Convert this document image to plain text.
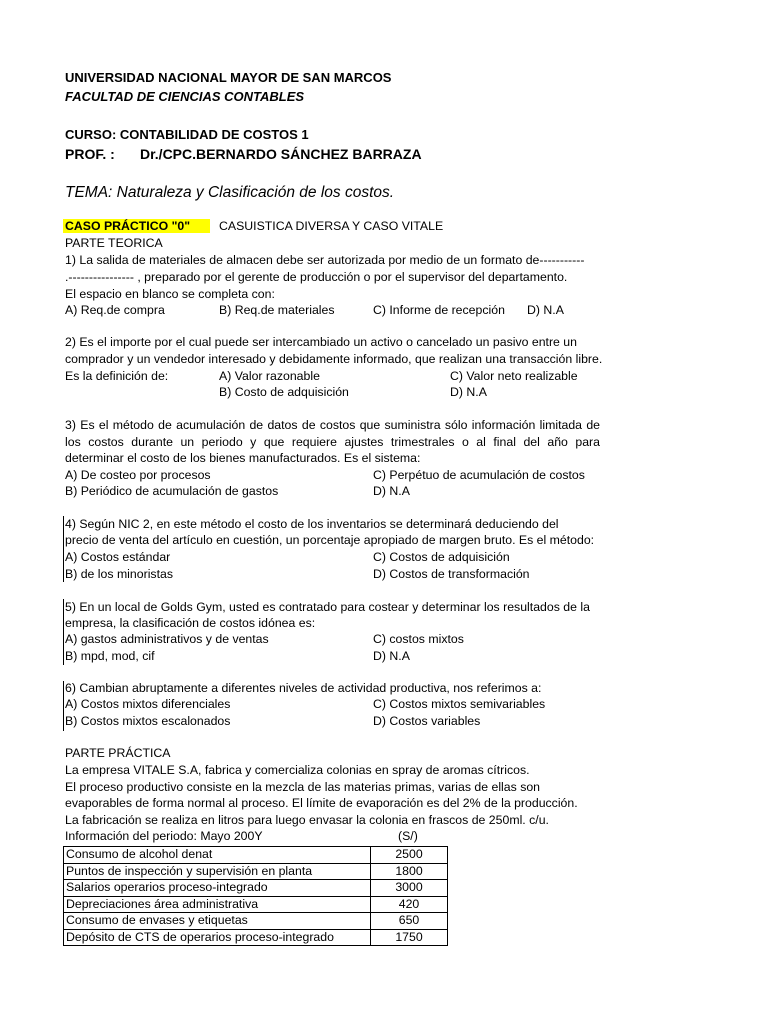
UNIVERSIDAD NACIONAL MAYOR DE SAN MARCOS
FACULTAD DE CIENCIAS CONTABLES
CURSO: CONTABILIDAD DE COSTOS 1
PROF. : Dr./CPC.BERNARDO SÁNCHEZ BARRAZA
TEMA: Naturaleza y Clasificación de los costos.
CASO PRÁCTICO "0"	CASUISTICA DIVERSA Y CASO VITALE
PARTE TEORICA
1) La salida de materiales de almacen debe ser autorizada por medio de un formato de-----------
.---------------- , preparado por el gerente de producción o por el supervisor del departamento.
El espacio en blanco se completa con:
A) Req.de compra	B) Req.de materiales	C) Informe de recepción D) N.A
2) Es el importe por el cual puede ser intercambiado un activo o cancelado un pasivo entre un
comprador y un vendedor interesado y debidamente informado, que realizan una transacción libre.
Es la definición de:	A) Valor razonable	C) Valor neto realizable
B) Costo de adquisición	D) N.A
3) Es el método de acumulación de datos de costos que suministra sólo información limitada de
los costos durante un periodo y que requiere ajustes trimestrales o al final del año para
determinar el costo de los bienes manufacturados. Es el sistema:
A) De costeo por procesos	C) Perpétuo de acumulación de costos
B) Periódico de acumulación de gastos	D) N.A
4) Según NIC 2, en este método el costo de los inventarios se determinará deduciendo del
precio de venta del artículo en cuestión, un porcentaje apropiado de margen bruto. Es el método:
A) Costos estándar	C) Costos de adquisición
B) de los minoristas	D) Costos de transformación
5) En un local de Golds Gym, usted es contratado para costear y determinar los resultados de la
empresa, la clasificación de costos idónea es:
A) gastos administrativos y de ventas	C) costos mixtos
B) mpd, mod, cif	D) N.A
6) Cambian abruptamente a diferentes niveles de actividad productiva, nos referimos a:
A) Costos mixtos diferenciales	C) Costos mixtos semivariables
B) Costos mixtos escalonados	D) Costos variables
PARTE PRÁCTICA
La empresa VITALE S.A, fabrica y comercializa colonias en spray de aromas cítricos.
El proceso productivo consiste en la mezcla de las materias primas, varias de ellas son
evaporables de forma normal al proceso. El límite de evaporación es del 2% de la producción.
La fabricación se realiza en litros para luego envasar la colonia en frascos de 250ml. c/u.
Información del periodo: Mayo 200Y	(S/)
Consumo de alcohol denat	2500
Puntos de inspección y supervisión en planta	1800
Salarios operarios proceso-integrado	3000
Depreciaciones área administrativa	420
Consumo de envases y etiquetas	650
Depósito de CTS de operarios proceso-integrado	1750
